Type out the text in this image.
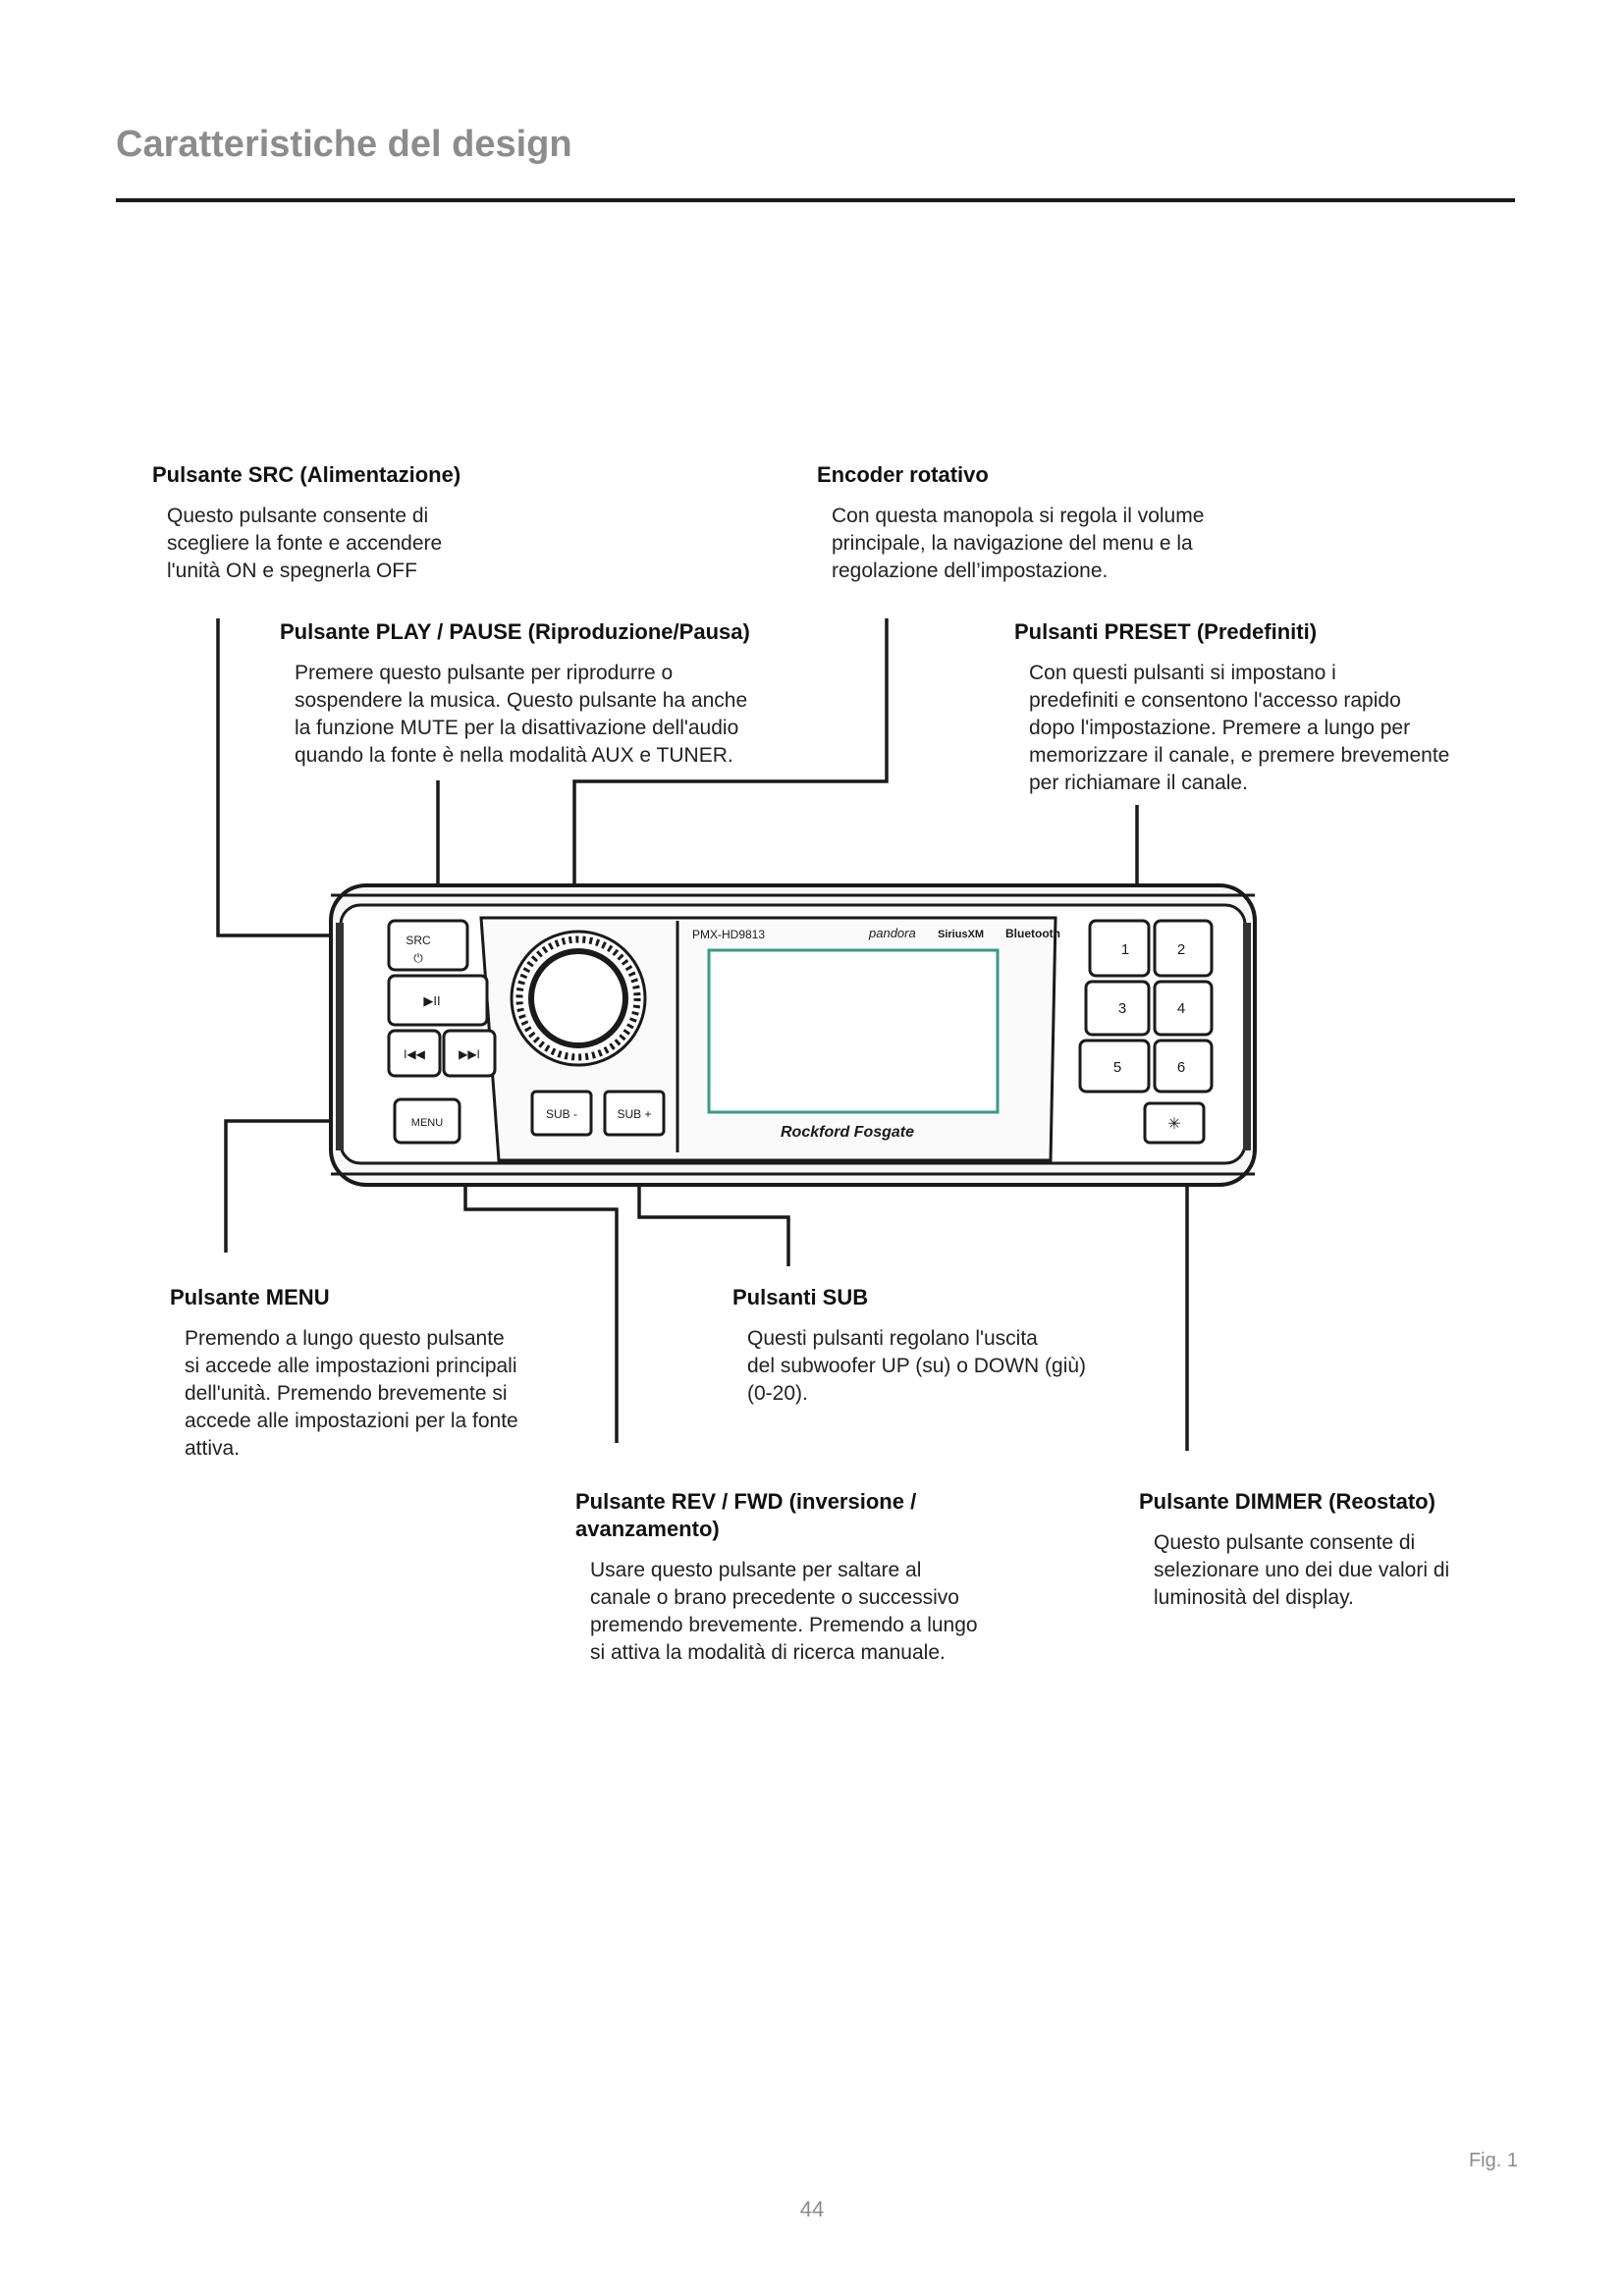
Caratteristiche del design
Pulsante SRC (Alimentazione)

Questo pulsante consente di
scegliere la fonte e accendere
l'unità ON e spegnerla OFF

Encoder rotativo

Con questa manopola si regola il volume
principale, la navigazione del menu e la
regolazione dell’impostazione.

Pulsante PLAY / PAUSE (Riproduzione/Pausa)

Premere questo pulsante per riprodurre o
sospendere la musica. Questo pulsante ha anche
la funzione MUTE per la disattivazione dell'audio
quando la fonte è nella modalità AUX e TUNER.

Pulsanti PRESET (Predefiniti)

Con questi pulsanti si impostano i
predefiniti e consentono l'accesso rapido
dopo l'impostazione. Premere a lungo per
memorizzare il canale, e premere brevemente
per richiamare il canale.

Pulsante MENU

Premendo a lungo questo pulsante
si accede alle impostazioni principali
dell'unità. Premendo brevemente si
accede alle impostazioni per la fonte
attiva.

Pulsanti SUB

Questi pulsanti regolano l'uscita
del subwoofer UP (su) o DOWN (giù)
(0-20).

Pulsante REV / FWD (inversione /
avanzamento)

Usare questo pulsante per saltare al
canale o brano precedente o successivo
premendo brevemente. Premendo a lungo
si attiva la modalità di ricerca manuale.

Pulsante DIMMER (Reostato)

Questo pulsante consente di
selezionare uno dei due valori di
luminosità del display.

PMX-HD9813	pandora SiriusXM Bluetooth
Rockford Fosgate
SRC
⏻
▶II
I◀◀	▶▶I
MENU
SUB -	SUB +
1	2
3	4
5	6
✳
Fig. 1
44
